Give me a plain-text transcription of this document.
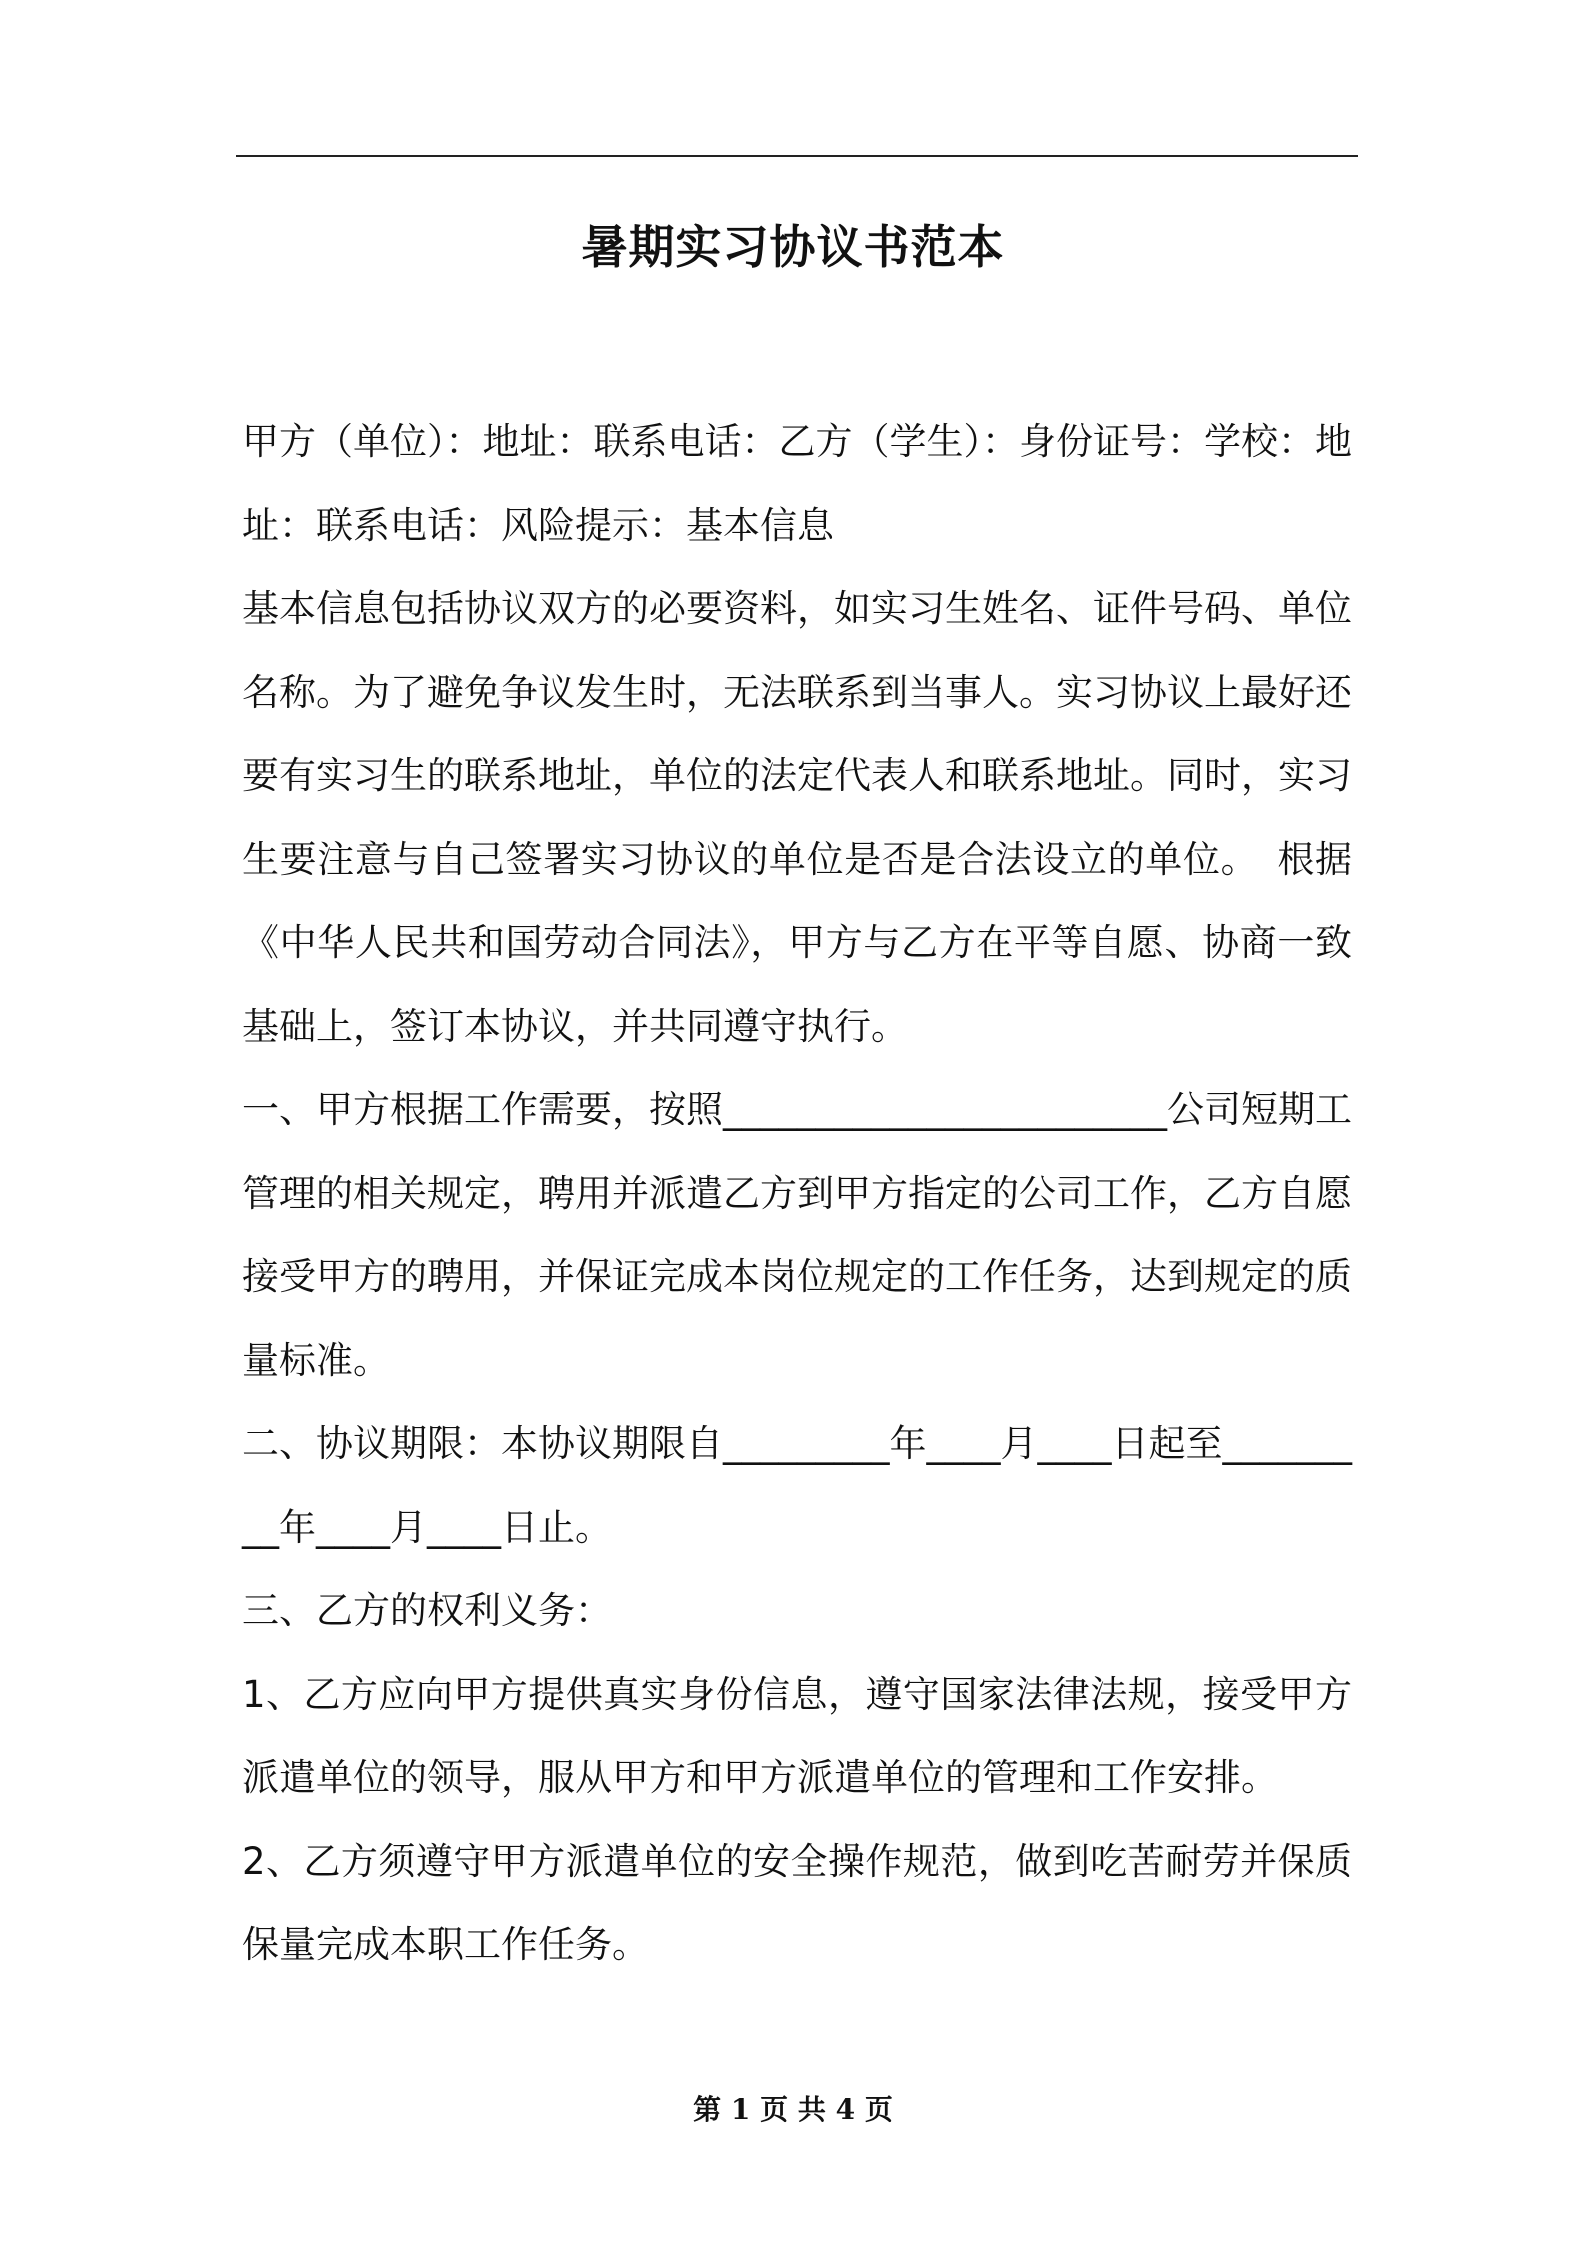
暑期实习协议书范本

甲方（单位）：地址：联系电话：乙方（学生）：身份证号：学校：地址：联系电话：风险提示：基本信息

基本信息包括协议双方的必要资料，如实习生姓名、证件号码、单位名称。为了避免争议发生时，无法联系到当事人。实习协议上最好还要有实习生的联系地址，单位的法定代表人和联系地址。同时，实习生要注意与自己签署实习协议的单位是否是合法设立的单位。　根据《中华人民共和国劳动合同法》，甲方与乙方在平等自愿、协商一致基础上，签订本协议，并共同遵守执行。

一、甲方根据工作需要，按照________________________公司短期工管理的相关规定，聘用并派遣乙方到甲方指定的公司工作，乙方自愿接受甲方的聘用，并保证完成本岗位规定的工作任务，达到规定的质量标准。

二、协议期限：本协议期限自_________年____月____日起至_________年____月____日止。

三、乙方的权利义务：

1、乙方应向甲方提供真实身份信息，遵守国家法律法规，接受甲方派遣单位的领导，服从甲方和甲方派遣单位的管理和工作安排。

2、乙方须遵守甲方派遣单位的安全操作规范，做到吃苦耐劳并保质保量完成本职工作任务。

第 1 页 共 4 页
